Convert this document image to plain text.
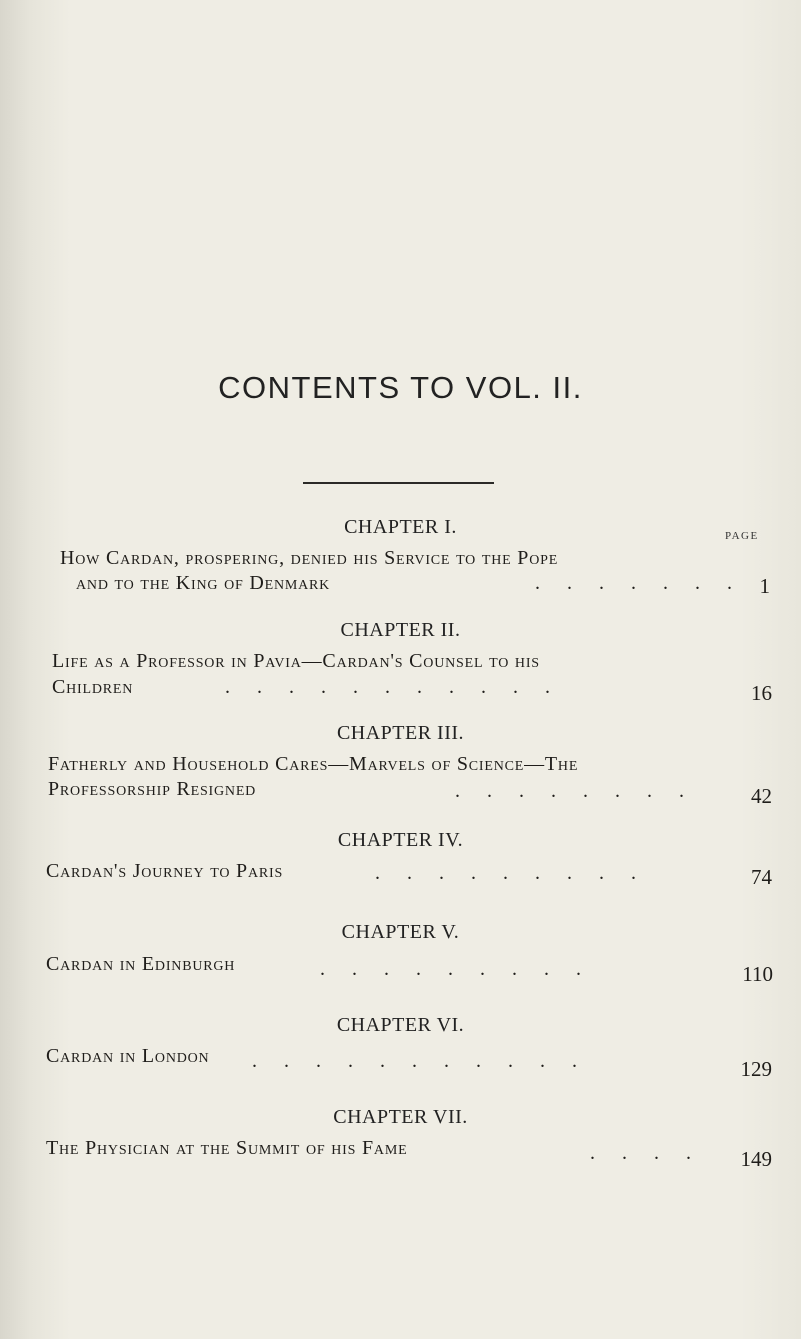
CONTENTS TO VOL. II.
PAGE
CHAPTER I.
How Cardan, prospering, denied his Service to the Pope
and to the King of Denmark	. . . . . . . 1
CHAPTER II.
Life as a Professor in Pavia—Cardan's Counsel to his
Children	. . . . . . . . . . .	16
CHAPTER III.
Fatherly and Household Cares—Marvels of Science—The
Professorship Resigned	. . . . . . . .	42
CHAPTER IV.
Cardan's Journey to Paris	. . . . . . . . .	74
CHAPTER V.
Cardan in Edinburgh	. . . . . . . . .	110
CHAPTER VI.
Cardan in London . . . . . . . . . . .	129
CHAPTER VII.
The Physician at the Summit of his Fame	. . . .	149
